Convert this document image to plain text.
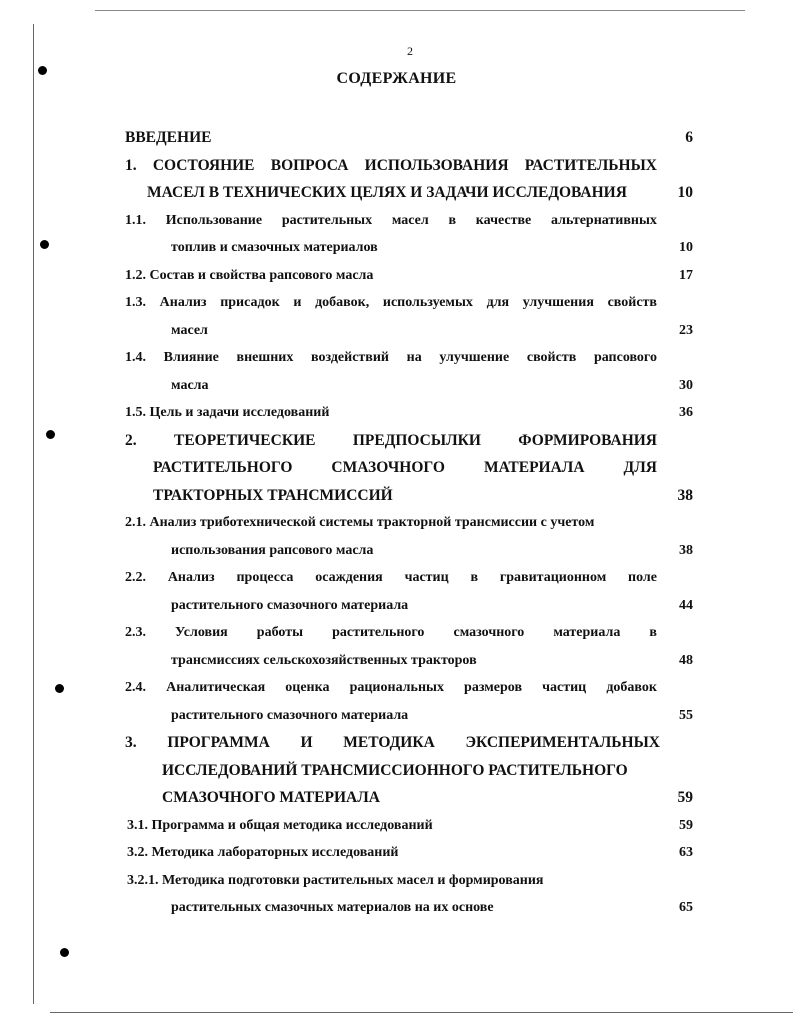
2
СОДЕРЖАНИЕ
ВВЕДЕНИЕ	6
1. СОСТОЯНИЕ ВОПРОСА ИСПОЛЬЗОВАНИЯ РАСТИТЕЛЬНЫХ
МАСЕЛ В ТЕХНИЧЕСКИХ ЦЕЛЯХ И ЗАДАЧИ ИССЛЕДОВАНИЯ	10
1.1. Использование растительных масел в качестве альтернативных
топлив и смазочных материалов	10
1.2. Состав и свойства рапсового масла	17
1.3. Анализ присадок и добавок, используемых для улучшения свойств
масел	23
1.4. Влияние внешних воздействий на улучшение свойств рапсового
масла	30
1.5. Цель и задачи исследований	36
2. ТЕОРЕТИЧЕСКИЕ ПРЕДПОСЫЛКИ ФОРМИРОВАНИЯ
РАСТИТЕЛЬНОГО	СМАЗОЧНОГО	МАТЕРИАЛА	ДЛЯ
ТРАКТОРНЫХ ТРАНСМИССИЙ	38
2.1. Анализ триботехнической системы тракторной трансмиссии с учетом
использования рапсового масла	38
2.2. Анализ процесса осаждения частиц в гравитационном поле
растительного смазочного материала	44
2.3. Условия работы растительного смазочного материала в
трансмиссиях сельскохозяйственных тракторов	48
2.4. Аналитическая оценка рациональных размеров частиц добавок
растительного смазочного материала	55
3. ПРОГРАММА И МЕТОДИКА ЭКСПЕРИМЕНТАЛЬНЫХ
ИССЛЕДОВАНИЙ ТРАНСМИССИОННОГО РАСТИТЕЛЬНОГО
СМАЗОЧНОГО МАТЕРИАЛА	59
3.1. Программа и общая методика исследований	59
3.2. Методика лабораторных исследований	63
3.2.1. Методика подготовки растительных масел и формирования
растительных смазочных материалов на их основе	65
